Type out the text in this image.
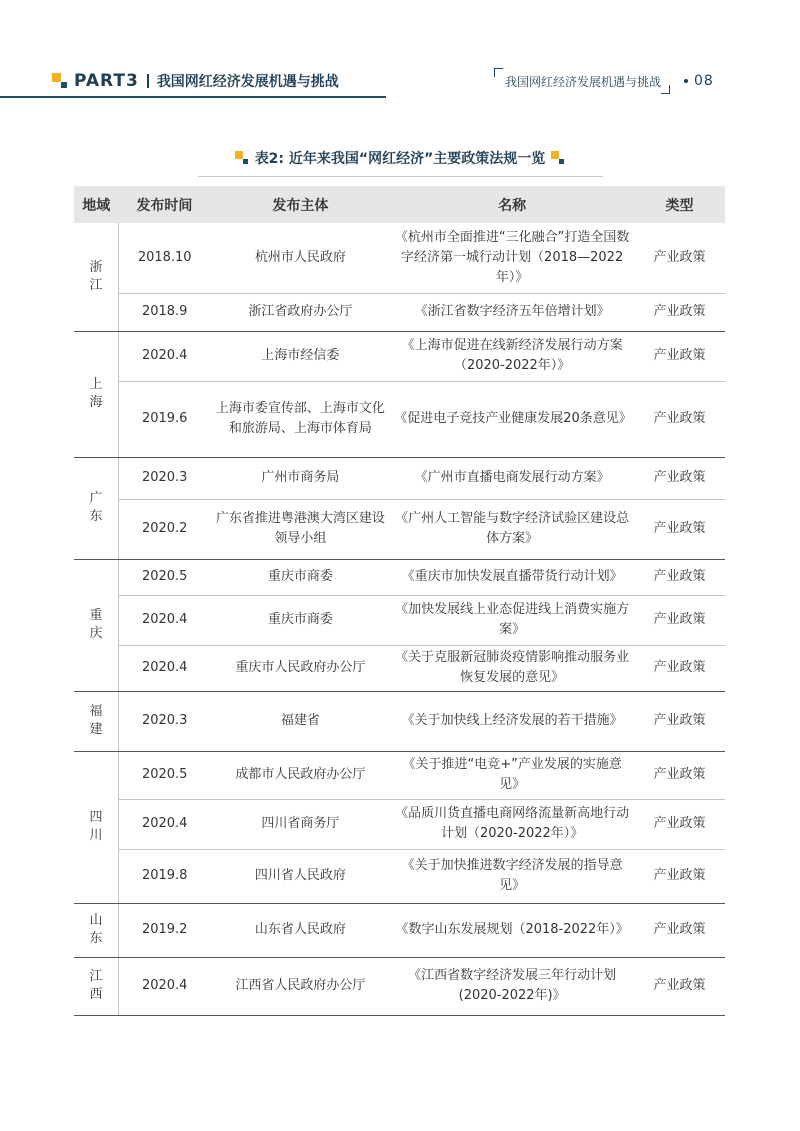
PART3 我国网红经济发展机遇与挑战	我国网红经济发展机遇与挑战 08
表2: 近年来我国“网红经济”主要政策法规一览
地域	发布时间	发布主体	名称	类型
浙江	2018.10	杭州市人民政府	《杭州市全面推进“三化融合”打造全国数字经济第一城行动计划（2018—2022年）》	产业政策
	2018.9	浙江省政府办公厅	《浙江省数字经济五年倍增计划》	产业政策
上海	2020.4	上海市经信委	《上海市促进在线新经济发展行动方案（2020-2022年）》	产业政策
	2019.6	上海市委宣传部、上海市文化和旅游局、上海市体育局	《促进电子竞技产业健康发展20条意见》	产业政策
广东	2020.3	广州市商务局	《广州市直播电商发展行动方案》	产业政策
	2020.2	广东省推进粤港澳大湾区建设领导小组	《广州人工智能与数字经济试验区建设总体方案》	产业政策
重庆	2020.5	重庆市商委	《重庆市加快发展直播带货行动计划》	产业政策
	2020.4	重庆市商委	《加快发展线上业态促进线上消费实施方案》	产业政策
	2020.4	重庆市人民政府办公厅	《关于克服新冠肺炎疫情影响推动服务业恢复发展的意见》	产业政策
福建	2020.3	福建省	《关于加快线上经济发展的若干措施》	产业政策
四川	2020.5	成都市人民政府办公厅	《关于推进“电竞+”产业发展的实施意见》	产业政策
	2020.4	四川省商务厅	《品质川货直播电商网络流量新高地行动计划（2020-2022年）》	产业政策
	2019.8	四川省人民政府	《关于加快推进数字经济发展的指导意见》	产业政策
山东	2019.2	山东省人民政府	《数字山东发展规划（2018-2022年）》	产业政策
江西	2020.4	江西省人民政府办公厅	《江西省数字经济发展三年行动计划(2020-2022年)》	产业政策
